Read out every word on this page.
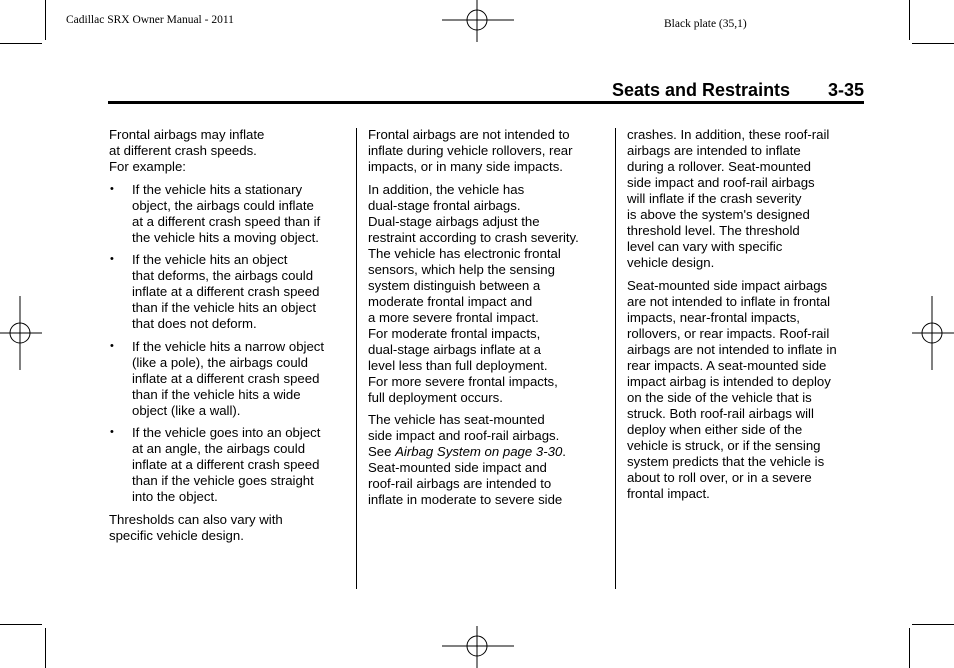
Cadillac SRX Owner Manual - 2011	Black plate (35,1)
Seats and Restraints 3-35

Frontal airbags may inflate
at different crash speeds.
For example:

• If the vehicle hits a stationary
object, the airbags could inflate
at a different crash speed than if
the vehicle hits a moving object.
• If the vehicle hits an object
that deforms, the airbags could
inflate at a different crash speed
than if the vehicle hits an object
that does not deform.
• If the vehicle hits a narrow object
(like a pole), the airbags could
inflate at a different crash speed
than if the vehicle hits a wide
object (like a wall).
• If the vehicle goes into an object
at an angle, the airbags could
inflate at a different crash speed
than if the vehicle goes straight
into the object.

Thresholds can also vary with
specific vehicle design.

Frontal airbags are not intended to
inflate during vehicle rollovers, rear
impacts, or in many side impacts.

In addition, the vehicle has
dual-stage frontal airbags.
Dual-stage airbags adjust the
restraint according to crash severity.
The vehicle has electronic frontal
sensors, which help the sensing
system distinguish between a
moderate frontal impact and
a more severe frontal impact.
For moderate frontal impacts,
dual-stage airbags inflate at a
level less than full deployment.
For more severe frontal impacts,
full deployment occurs.

The vehicle has seat-mounted
side impact and roof-rail airbags.
See Airbag System on page 3-30.
Seat-mounted side impact and
roof-rail airbags are intended to
inflate in moderate to severe side

crashes. In addition, these roof-rail
airbags are intended to inflate
during a rollover. Seat-mounted
side impact and roof-rail airbags
will inflate if the crash severity
is above the system's designed
threshold level. The threshold
level can vary with specific
vehicle design.

Seat-mounted side impact airbags
are not intended to inflate in frontal
impacts, near-frontal impacts,
rollovers, or rear impacts. Roof-rail
airbags are not intended to inflate in
rear impacts. A seat-mounted side
impact airbag is intended to deploy
on the side of the vehicle that is
struck. Both roof-rail airbags will
deploy when either side of the
vehicle is struck, or if the sensing
system predicts that the vehicle is
about to roll over, or in a severe
frontal impact.
